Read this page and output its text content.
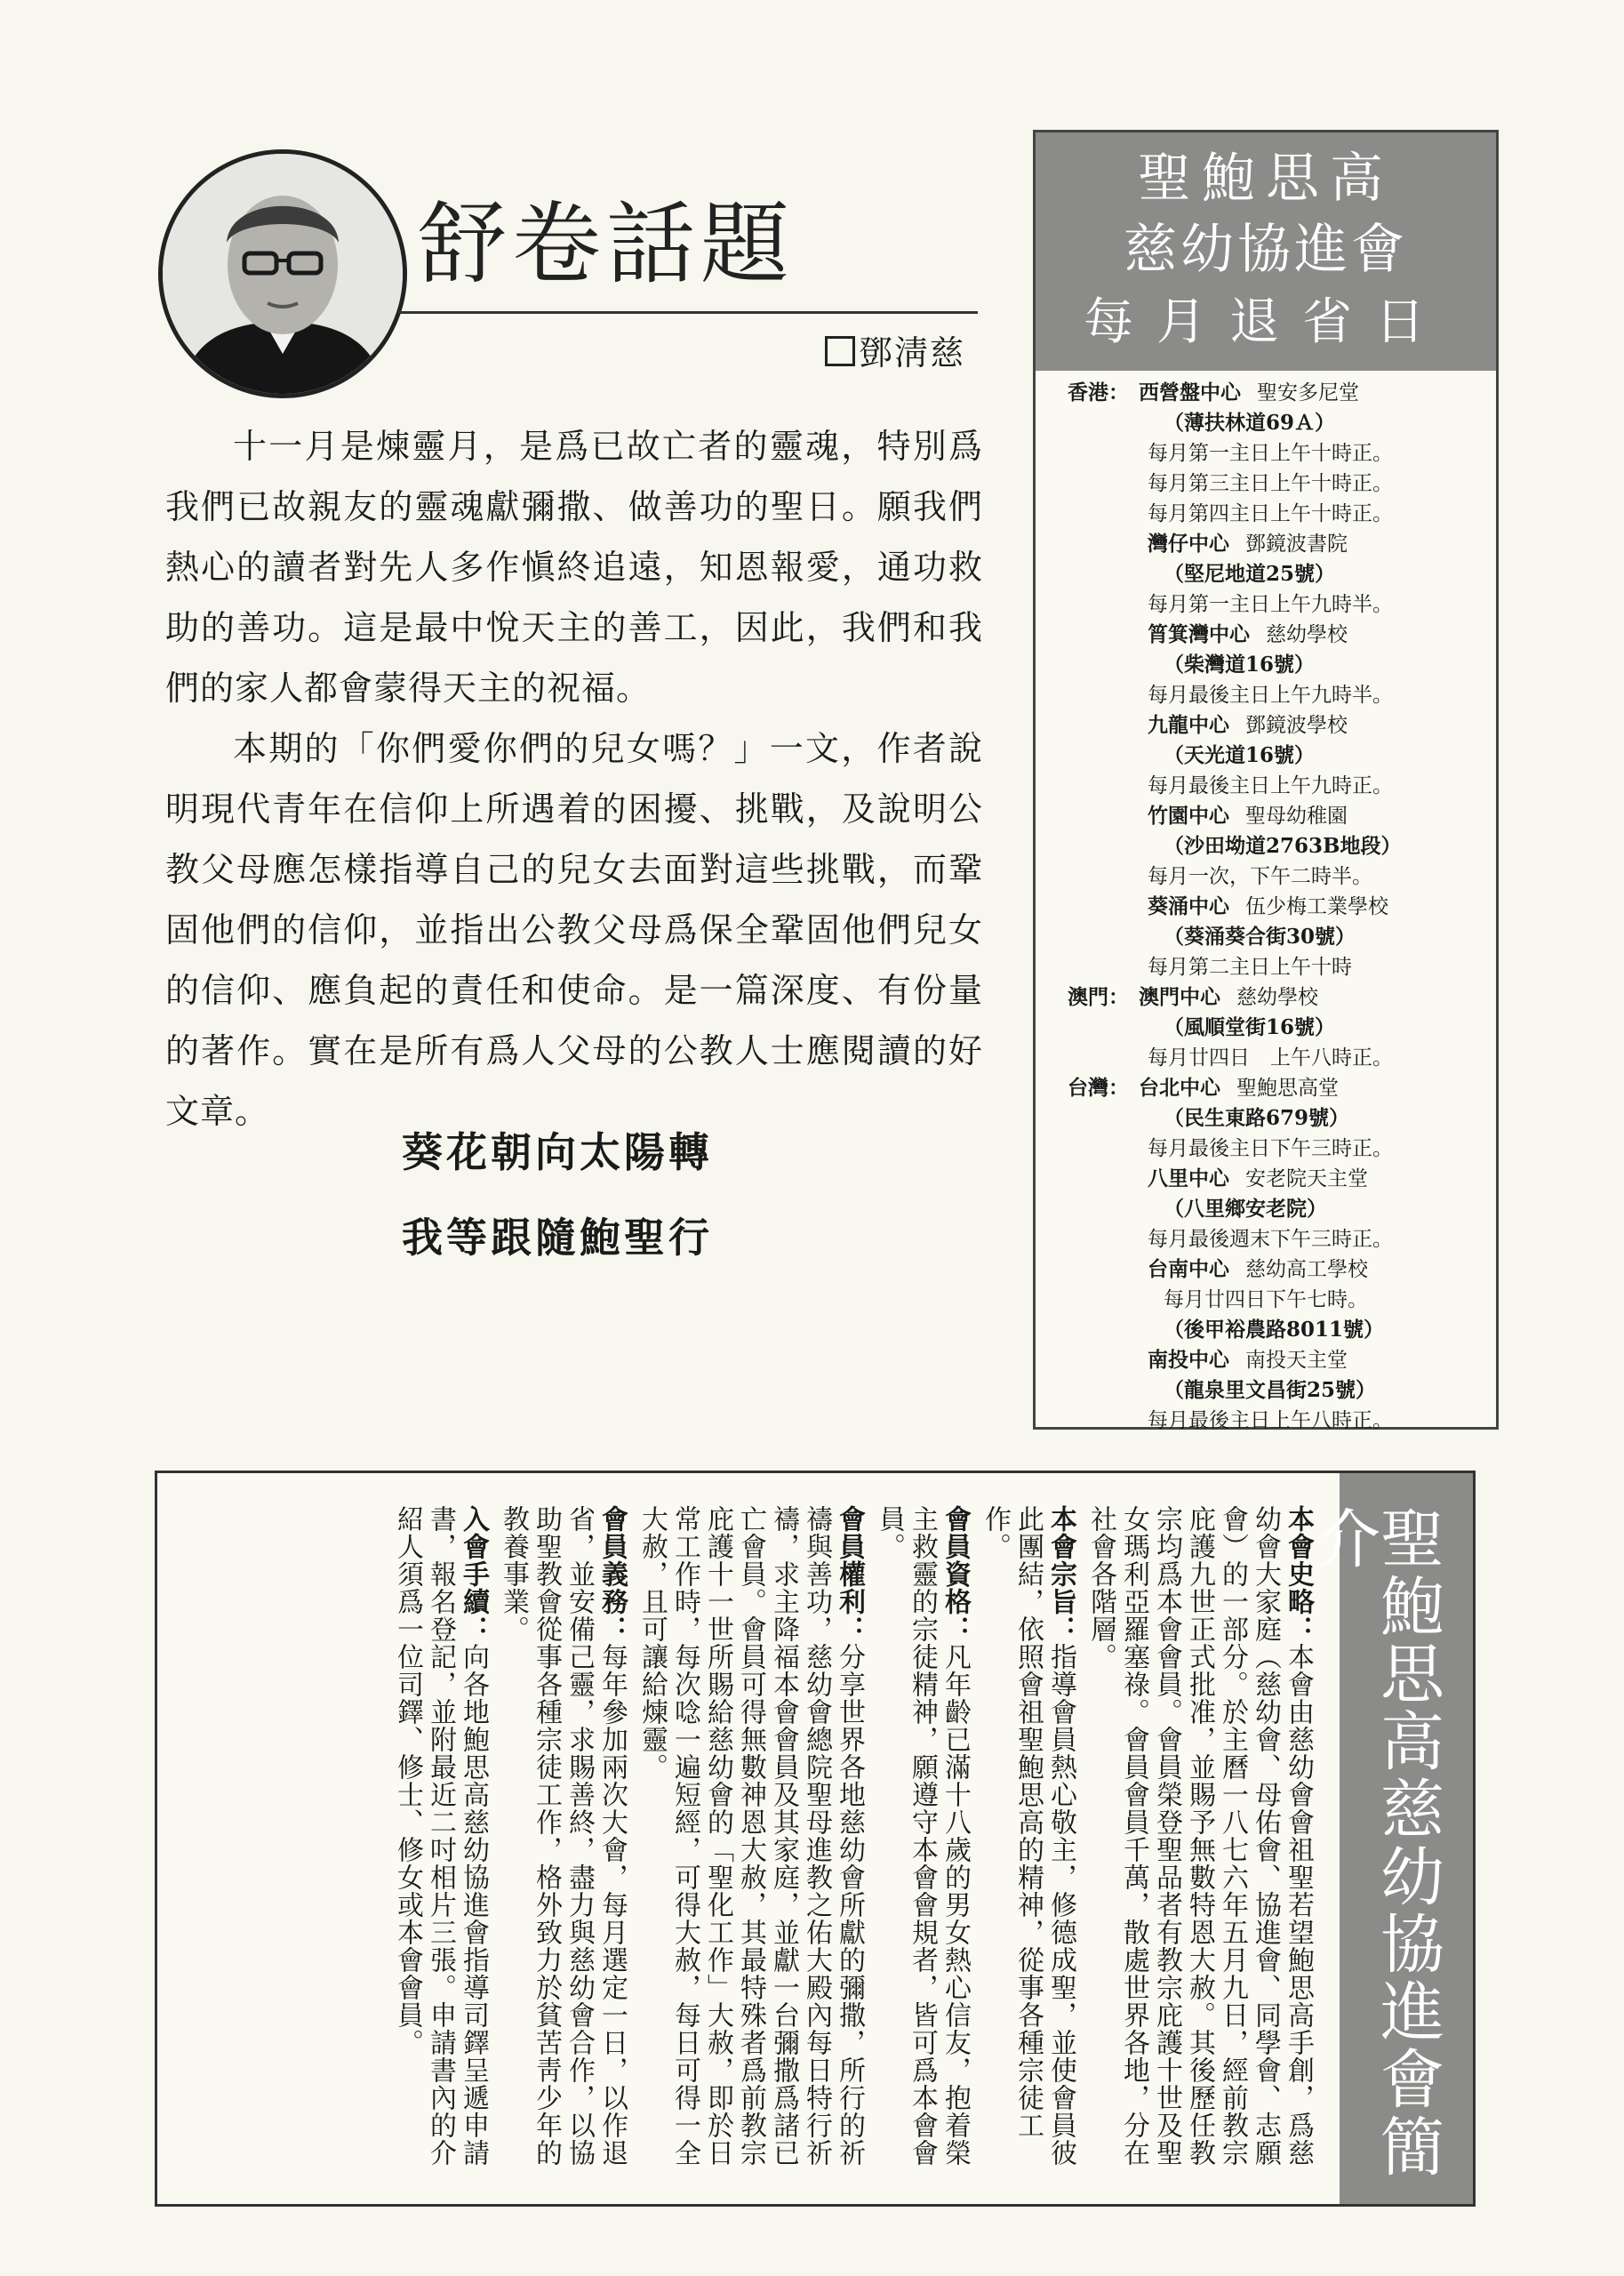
舒卷話題
鄧淸慈

十一月是煉靈月，是爲已故亡者的靈魂，特別爲我們已故親友的靈魂獻彌撒、做善功的聖日。願我們熱心的讀者對先人多作愼終追遠，知恩報愛，通功救助的善功。這是最中悅天主的善工，因此，我們和我們的家人都會蒙得天主的祝福。

本期的「你們愛你們的兒女嗎？」一文，作者說明現代青年在信仰上所遇着的困擾、挑戰，及說明公教父母應怎樣指導自己的兒女去面對這些挑戰，而鞏固他們的信仰，並指出公教父母爲保全鞏固他們兒女的信仰、應負起的責任和使命。是一篇深度、有份量的著作。實在是所有爲人父母的公教人士應閱讀的好文章。

葵花朝向太陽轉
我等跟隨鮑聖行
聖鮑思高
慈幼協進會
每月退省日
香港： 西營盤中心 聖安多尼堂
（薄扶林道69Ａ）
每月第一主日上午十時正。
每月第三主日上午十時正。
每月第四主日上午十時正。
灣仔中心 鄧鏡波書院
（堅尼地道25號）
每月第一主日上午九時半。
筲箕灣中心 慈幼學校
（柴灣道16號）
每月最後主日上午九時半。
九龍中心 鄧鏡波學校
（天光道16號）
每月最後主日上午九時正。
竹園中心 聖母幼稚園
（沙田坳道2763B地段）
每月一次，下午二時半。
葵涌中心 伍少梅工業學校
（葵涌葵合街30號）
每月第二主日上午十時
澳門： 澳門中心 慈幼學校
（風順堂街16號）
每月廿四日　上午八時正。
台灣： 台北中心 聖鮑思高堂
（民生東路679號）
每月最後主日下午三時正。
八里中心 安老院天主堂
（八里鄉安老院）
每月最後週末下午三時正。
台南中心 慈幼高工學校
每月廿四日下午七時。
（後甲裕農路8011號）
南投中心 南投天主堂
（龍泉里文昌街25號）
每月最後主日上午八時正。
聖鮑思高慈幼協進會簡介

本會史略：本會由慈幼會會祖聖若望鮑思高手創，爲慈幼會大家庭（慈幼會、母佑會、協進會、同學會、志願會）的一部分。於主曆一八七六年五月九日，經前教宗庇護九世正式批准，並賜予無數特恩大赦。其後歷任教宗均爲本會會員。會員榮登聖品者有教宗庇護十世及聖女瑪利亞羅塞祿。會員會員千萬，散處世界各地，分在社會各階層。

本會宗旨：指導會員熱心敬主，修德成聖，並使會員彼此團結，依照會祖聖鮑思高的精神，從事各種宗徒工作。

會員資格：凡年齡已滿十八歲的男女熱心信友，抱着榮主救靈的宗徒精神，願遵守本會會規者，皆可爲本會會員。

會員權利：分享世界各地慈幼會所獻的彌撒，所行的祈禱與善功，慈幼會總院聖母進教之佑大殿內每日特行祈禱，求主降福本會會員及其家庭，並獻一台彌撒爲諸已亡會員。會員可得無數神恩大赦，其最特殊者爲前教宗庇護十一世所賜給慈幼會的「聖化工作」大赦，即於日常工作時，每次唸一遍短經，可得大赦，每日可得一全大赦，且可讓給煉靈。

會員義務：每年參加兩次大會，每月選定一日，以作退省，並安備己靈，求賜善終，盡力與慈幼會合作，以協助聖教會從事各種宗徒工作，格外致力於貧苦靑少年的教養事業。

入會手續：向各地鮑思高慈幼協進會指導司鐸呈遞申請書，報名登記，並附最近二吋相片三張。申請書內的介紹人須爲一位司鐸、修士、修女或本會會員。
